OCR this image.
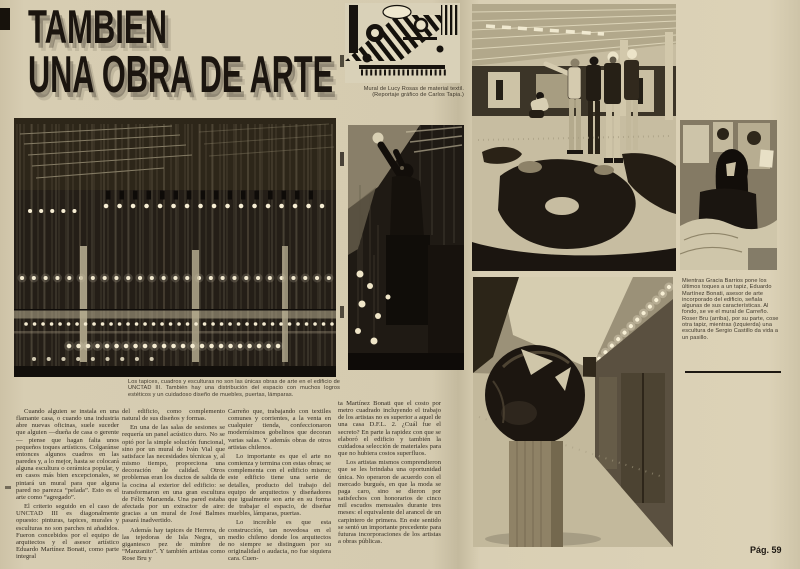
TAMBIEN
UNA OBRA DE ARTE
Los tapices, cuadros y esculturas no son las únicas obras de arte en el edificio de UNCTAD III. También hay una distribución del espacio con muchos logros estéticos y un cuidadoso diseño de muebles, puertas, lámparas.

Cuando alguien se instala en una flamante casa, o cuando una industria abre nuevas oficinas, suele suceder que alguien —dueña de casa o gerente— piense que hagan falta unos pequeños toques artísticos. Colgaránse entonces algunos cuadros en las paredes y, a lo mejor, hasta se colocará alguna escultura o cerámica popular, y en casos más bien excepcionales, se pintará un mural para que alguna pared no parezca “pelada”. Esto es el arte como “agregado”.

El criterio seguido en el caso de UNCTAD III es diagonalmente opuesto: pinturas, tapices, murales y esculturas no son parches ni añadidos. Fueron concebidos por el equipo de arquitectos y el asesor artístico Eduardo Martínez Bonati, como parte integral

del edificio, como complemento natural de sus diseños y formas.

En una de las salas de sesiones se requería un panel acústico duro. No se optó por la simple solución funcional, sino por un mural de Iván Vial que satisface las necesidades técnicas y, al mismo tiempo, proporciona una decoración de calidad. Otros problemas eran los ductos de salida de la cocina al exterior del edificio: se transformaron en una gran escultura de Félix Maruenda. Una pared estaba afectada por un extractor de aire: gracias a un mural de José Balmes pasará inadvertido.

Además hay tapices de Herrera, de las tejedoras de Isla Negra, un gigantesco pez de mimbre de “Manzanito”. Y también artistas como Rose Bru y

Carreño que, trabajando con textiles comunes y corrientes, a la venta en cualquier tienda, confeccionaron modernísimos gobelinos que decoran varias salas. Y además obras de otros artistas chilenos.

Lo importante es que el arte no comienza y termina con estas obras; se complementa con el edificio mismo; este edificio tiene una serie de detalles, producto del trabajo del equipo de arquitectos y diseñadores que igualmente son arte en su forma de trabajar el espacio, de diseñar muebles, lámparas, puertas.

Lo increíble es que esta construcción, tan novedosa en el medio chileno donde los arquitectos no siempre se distinguen por su originalidad o audacia, no fue siquiera cara. Cuen-

ta Martínez Bonati que el costo por metro cuadrado incluyendo el trabajo de los artistas no es superior a aquel de una casa D.F.L. 2. ¿Cuál fue el secreto? En parte la rapidez con que se elaboró el edificio y también la cuidadosa selección de materiales para que no hubiera costos superfluos.

Los artistas mismos comprendieron que se les brindaba una oportunidad única. No operaron de acuerdo con el mercado burgués, en que la moda se paga caro, sino se dieron por satisfechos con honorarios de cinco mil escudos mensuales durante tres meses: el equivalente del arancel de un carpintero de primera. En este sentido se sentó un importante precedente para futuras incorporaciones de los artistas a obras públicas.

Mural de Lucy Rosas de material textil. (Reportaje gráfico de Carlos Tapia.)
Mientras Gracia Barrios pone los últimos toques a un tapiz, Eduardo Martínez Bonati, asesor de arte incorporado del edificio, señala algunas de sus características. Al fondo, se ve el mural de Carreño. Roser Bru (arriba), por su parte, cose otra tapiz, mientras (izquierda) una escultura de Sergio Castillo da vida a un pasillo.
Pág. 59
